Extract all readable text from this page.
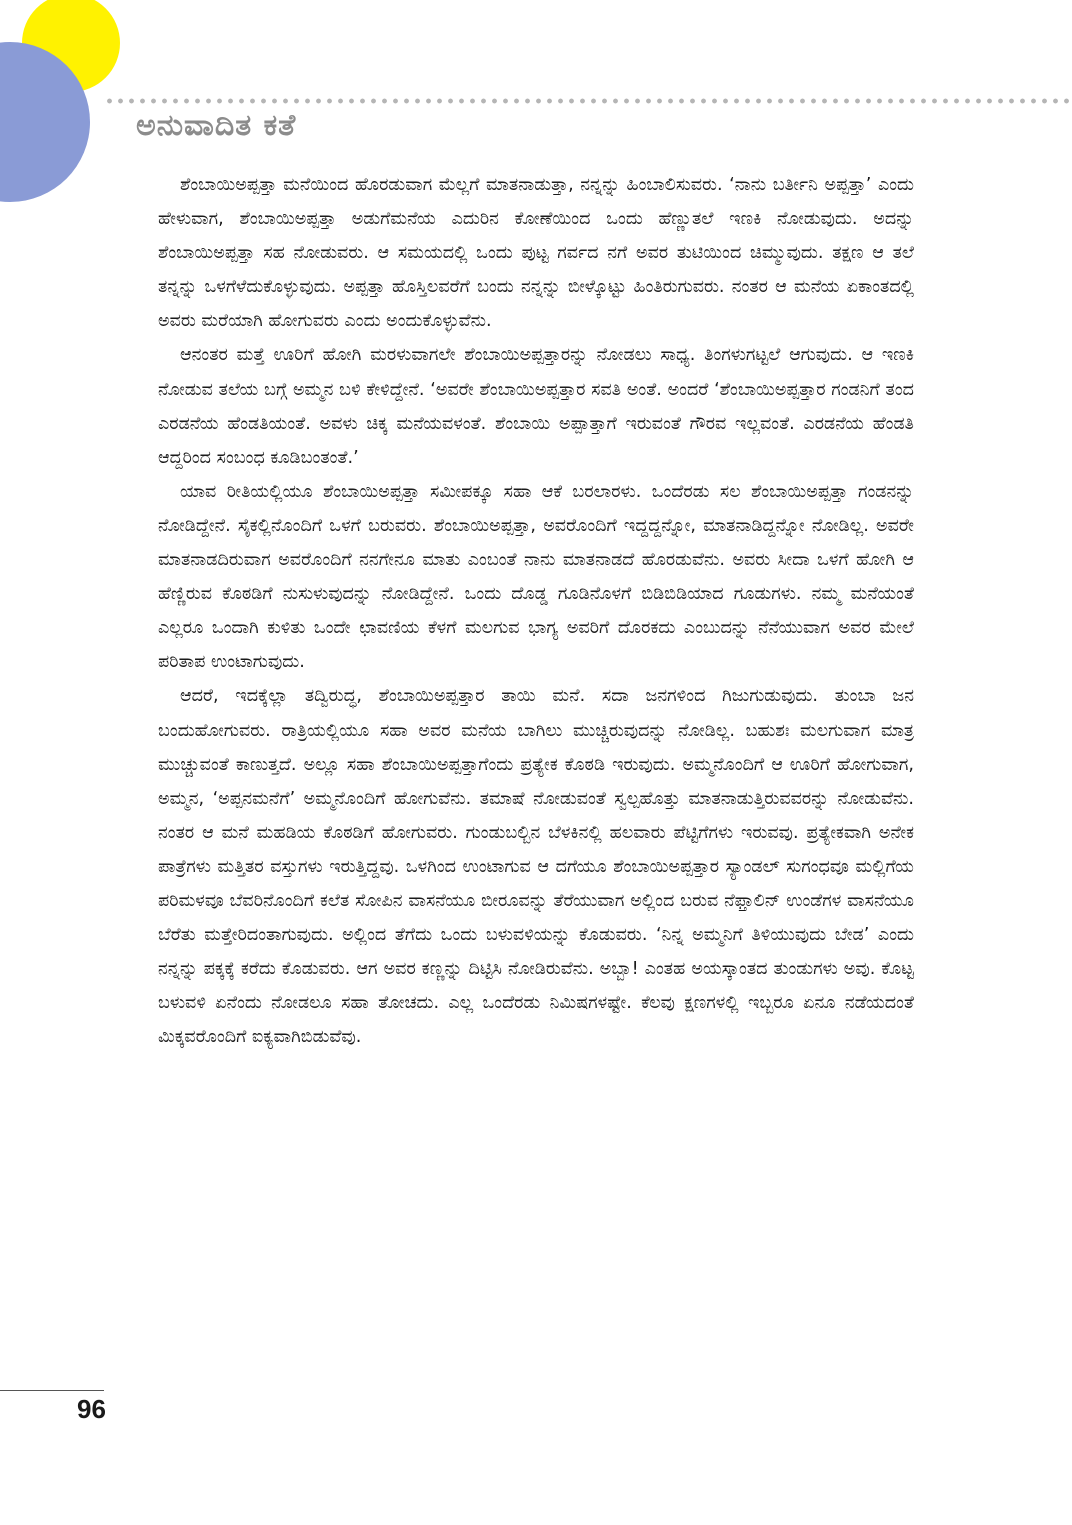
ಅನುವಾದಿತ ಕತೆ

ಶೆಂಬಾಯಿಅಪ್ಪತ್ತಾ ಮನೆಯಿಂದ ಹೊರಡುವಾಗ ಮೆಲ್ಲಗೆ ಮಾತನಾಡುತ್ತಾ, ನನ್ನನ್ನು ಹಿಂಬಾಲಿಸುವರು. ‘ನಾನು ಬರ್ತೀನಿ ಅಪ್ಪತ್ತಾ’ ಎಂದು ಹೇಳುವಾಗ, ಶೆಂಬಾಯಿಅಪ್ಪತ್ತಾ ಅಡುಗೆಮನೆಯ ಎದುರಿನ ಕೋಣೆಯಿಂದ ಒಂದು ಹೆಣ್ಣುತಲೆ ಇಣಕಿ ನೋಡುವುದು. ಅದನ್ನು ಶೆಂಬಾಯಿಅಪ್ಪತ್ತಾ ಸಹ ನೋಡುವರು. ಆ ಸಮಯದಲ್ಲಿ ಒಂದು ಪುಟ್ಟ ಗರ್ವದ ನಗೆ ಅವರ ತುಟಿಯಿಂದ ಚಿಮ್ಮುವುದು. ತಕ್ಷಣ ಆ ತಲೆ ತನ್ನನ್ನು ಒಳಗೆಳೆದುಕೊಳ್ಳುವುದು. ಅಪ್ಪತ್ತಾ ಹೊಸ್ತಿಲವರೆಗೆ ಬಂದು ನನ್ನನ್ನು ಬೀಳ್ಕೊಟ್ಟು ಹಿಂತಿರುಗುವರು. ನಂತರ ಆ ಮನೆಯ ಏಕಾಂತದಲ್ಲಿ ಅವರು ಮರೆಯಾಗಿ ಹೋಗುವರು ಎಂದು ಅಂದುಕೊಳ್ಳುವೆನು.

ಆನಂತರ ಮತ್ತೆ ಊರಿಗೆ ಹೋಗಿ ಮರಳುವಾಗಲೇ ಶೆಂಬಾಯಿಅಪ್ಪತ್ತಾರನ್ನು ನೋಡಲು ಸಾಧ್ಯ. ತಿಂಗಳುಗಟ್ಟಲೆ ಆಗುವುದು. ಆ ಇಣಕಿ ನೋಡುವ ತಲೆಯ ಬಗ್ಗೆ ಅಮ್ಮನ ಬಳಿ ಕೇಳಿದ್ದೇನೆ. ‘ಅವರೇ ಶೆಂಬಾಯಿಅಪ್ಪತ್ತಾರ ಸವತಿ ಅಂತೆ. ಅಂದರೆ ‘ಶೆಂಬಾಯಿಅಪ್ಪತ್ತಾರ ಗಂಡನಿಗೆ ತಂದ ಎರಡನೆಯ ಹೆಂಡತಿಯಂತೆ. ಅವಳು ಚಿಕ್ಕ ಮನೆಯವಳಂತೆ. ಶೆಂಬಾಯಿ ಅಪ್ಪಾತ್ತಾಗೆ ಇರುವಂತೆ ಗೌರವ ಇಲ್ಲವಂತೆ. ಎರಡನೆಯ ಹೆಂಡತಿ ಆದ್ದರಿಂದ ಸಂಬಂಧ ಕೂಡಿಬಂತಂತೆ.’

ಯಾವ ರೀತಿಯಲ್ಲಿಯೂ ಶೆಂಬಾಯಿಅಪ್ಪತ್ತಾ ಸಮೀಪಕ್ಕೂ ಸಹಾ ಆಕೆ ಬರಲಾರಳು. ಒಂದೆರಡು ಸಲ ಶೆಂಬಾಯಿಅಪ್ಪತ್ತಾ ಗಂಡನನ್ನು ನೋಡಿದ್ದೇನೆ. ಸೈಕಲ್ಲಿನೊಂದಿಗೆ ಒಳಗೆ ಬರುವರು. ಶೆಂಬಾಯಿಅಪ್ಪತ್ತಾ, ಅವರೊಂದಿಗೆ ಇದ್ದದ್ದನ್ನೋ, ಮಾತನಾಡಿದ್ದನ್ನೋ ನೋಡಿಲ್ಲ. ಅವರೇ ಮಾತನಾಡದಿರುವಾಗ ಅವರೊಂದಿಗೆ ನನಗೇನೂ ಮಾತು ಎಂಬಂತೆ ನಾನು ಮಾತನಾಡದೆ ಹೊರಡುವೆನು. ಅವರು ಸೀದಾ ಒಳಗೆ ಹೋಗಿ ಆ ಹೆಣ್ಣಿರುವ ಕೊಠಡಿಗೆ ನುಸುಳುವುದನ್ನು ನೋಡಿದ್ದೇನೆ. ಒಂದು ದೊಡ್ಡ ಗೂಡಿನೊಳಗೆ ಬಿಡಿಬಿಡಿಯಾದ ಗೂಡುಗಳು. ನಮ್ಮ ಮನೆಯಂತೆ ಎಲ್ಲರೂ ಒಂದಾಗಿ ಕುಳಿತು ಒಂದೇ ಛಾವಣಿಯ ಕೆಳಗೆ ಮಲಗುವ ಭಾಗ್ಯ ಅವರಿಗೆ ದೊರಕದು ಎಂಬುದನ್ನು ನೆನೆಯುವಾಗ ಅವರ ಮೇಲೆ ಪರಿತಾಪ ಉಂಟಾಗುವುದು.

ಆದರೆ, ಇದಕ್ಕೆಲ್ಲಾ ತದ್ವಿರುದ್ಧ, ಶೆಂಬಾಯಿಅಪ್ಪತ್ತಾರ ತಾಯಿ ಮನೆ. ಸದಾ ಜನಗಳಿಂದ ಗಿಜುಗುಡುವುದು. ತುಂಬಾ ಜನ ಬಂದುಹೋಗುವರು. ರಾತ್ರಿಯಲ್ಲಿಯೂ ಸಹಾ ಅವರ ಮನೆಯ ಬಾಗಿಲು ಮುಚ್ಚಿರುವುದನ್ನು ನೋಡಿಲ್ಲ. ಬಹುಶಃ ಮಲಗುವಾಗ ಮಾತ್ರ ಮುಚ್ಚುವಂತೆ ಕಾಣುತ್ತದೆ. ಅಲ್ಲೂ ಸಹಾ ಶೆಂಬಾಯಿಅಪ್ಪತ್ತಾಗೆಂದು ಪ್ರತ್ಯೇಕ ಕೊಠಡಿ ಇರುವುದು. ಅಮ್ಮನೊಂದಿಗೆ ಆ ಊರಿಗೆ ಹೋಗುವಾಗ, ಅಮ್ಮನ, ‘ಅಪ್ಪನಮನೆಗೆ’ ಅಮ್ಮನೊಂದಿಗೆ ಹೋಗುವೆನು. ತಮಾಷೆ ನೋಡುವಂತೆ ಸ್ವಲ್ಪಹೊತ್ತು ಮಾತನಾಡುತ್ತಿರುವವರನ್ನು ನೋಡುವೆನು. ನಂತರ ಆ ಮನೆ ಮಹಡಿಯ ಕೊಠಡಿಗೆ ಹೋಗುವರು. ಗುಂಡುಬಲ್ಬಿನ ಬೆಳಕಿನಲ್ಲಿ ಹಲವಾರು ಪೆಟ್ಟಿಗೆಗಳು ಇರುವವು. ಪ್ರತ್ಯೇಕವಾಗಿ ಅನೇಕ ಪಾತ್ರೆಗಳು ಮತ್ತಿತರ ವಸ್ತುಗಳು ಇರುತ್ತಿದ್ದವು. ಒಳಗಿಂದ ಉಂಟಾಗುವ ಆ ದಗೆಯೂ ಶೆಂಬಾಯಿಅಪ್ಪತ್ತಾರ ಸ್ಯಾಂಡಲ್ ಸುಗಂಧವೂ ಮಲ್ಲಿಗೆಯ ಪರಿಮಳವೂ ಬೆವರಿನೊಂದಿಗೆ ಕಲೆತ ಸೋಪಿನ ವಾಸನೆಯೂ ಬೀರೂವನ್ನು ತೆರೆಯುವಾಗ ಅಲ್ಲಿಂದ ಬರುವ ನೆಫ್ತಾಲಿನ್ ಉಂಡೆಗಳ ವಾಸನೆಯೂ ಬೆರೆತು ಮತ್ತೇರಿದಂತಾಗುವುದು. ಅಲ್ಲಿಂದ ತೆಗೆದು ಒಂದು ಬಳುವಳಿಯನ್ನು ಕೊಡುವರು. ‘ನಿನ್ನ ಅಮ್ಮನಿಗೆ ತಿಳಿಯುವುದು ಬೇಡ’ ಎಂದು ನನ್ನನ್ನು ಪಕ್ಕಕ್ಕೆ ಕರೆದು ಕೊಡುವರು. ಆಗ ಅವರ ಕಣ್ಣನ್ನು ದಿಟ್ಟಿಸಿ ನೋಡಿರುವೆನು. ಅಬ್ಬಾ! ಎಂತಹ ಅಯಸ್ಕಾಂತದ ತುಂಡುಗಳು ಅವು. ಕೊಟ್ಟ ಬಳುವಳಿ ಏನೆಂದು ನೋಡಲೂ ಸಹಾ ತೋಚದು. ಎಲ್ಲ ಒಂದೆರಡು ನಿಮಿಷಗಳಷ್ಟೇ. ಕೆಲವು ಕ್ಷಣಗಳಲ್ಲಿ ಇಬ್ಬರೂ ಏನೂ ನಡೆಯದಂತೆ ಮಿಕ್ಕವರೊಂದಿಗೆ ಐಕ್ಯವಾಗಿಬಿಡುವೆವು.

96
